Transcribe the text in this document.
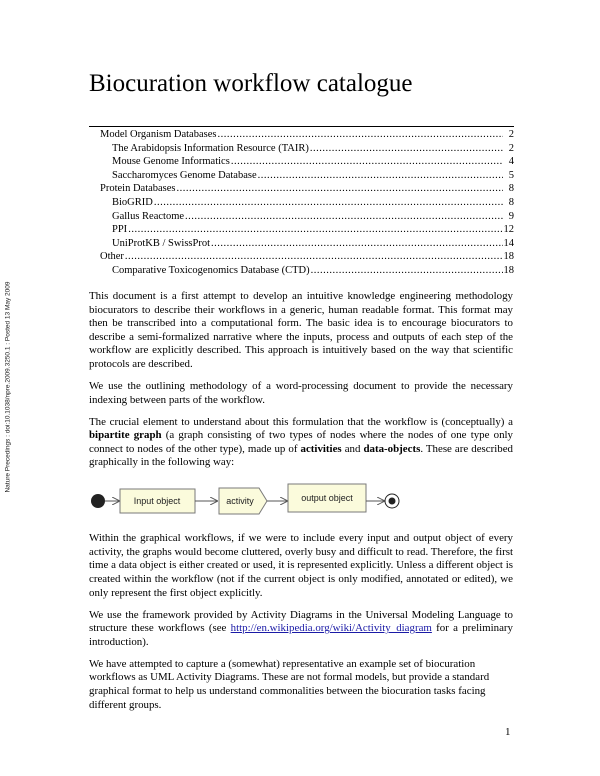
Nature Precedings : doi:10.1038/npre.2009.3250.1 : Posted 13 May 2009
Biocuration workflow catalogue
Model Organism Databases .....	2
The Arabidopsis Information Resource (TAIR) .....	2
Mouse Genome Informatics .....	4
Saccharomyces Genome Database .....	5
Protein Databases .....	8
BioGRID .....	8
Gallus Reactome .....	9
PPI .....	12
UniProtKB / SwissProt .....	14
Other .....	18
Comparative Toxicogenomics Database (CTD) .....	18

This document is a first attempt to develop an intuitive knowledge engineering methodology biocurators to describe their workflows in a generic, human readable format. This format may then be transcribed into a computational form. The basic idea is to encourage biocurators to describe a semi-formalized narrative where the inputs, process and outputs of each step of the workflow are explicitly described. This approach is intuitively based on the way that scientific protocols are described.

We use the outlining methodology of a word-processing document to provide the necessary indexing between parts of the workflow.

The crucial element to understand about this formulation that the workflow is (conceptually) a bipartite graph (a graph consisting of two types of nodes where the nodes of one type only connect to nodes of the other type), made up of activities and data-objects. These are described graphically in the following way:

Input object	activity	output object

Within the graphical workflows, if we were to include every input and output object of every activity, the graphs would become cluttered, overly busy and difficult to read. Therefore, the first time a data object is either created or used, it is represented explicitly. Unless a different object is created within the workflow (not if the current object is only modified, annotated or edited), we only represent the first object explicitly.

We use the framework provided by Activity Diagrams in the Universal Modeling Language to structure these workflows (see http://en.wikipedia.org/wiki/Activity_diagram for a preliminary introduction).

We have attempted to capture a (somewhat) representative an example set of biocuration workflows as UML Activity Diagrams. These are not formal models, but provide a standard graphical format to help us understand commonalities between the biocuration tasks facing different groups.

1
